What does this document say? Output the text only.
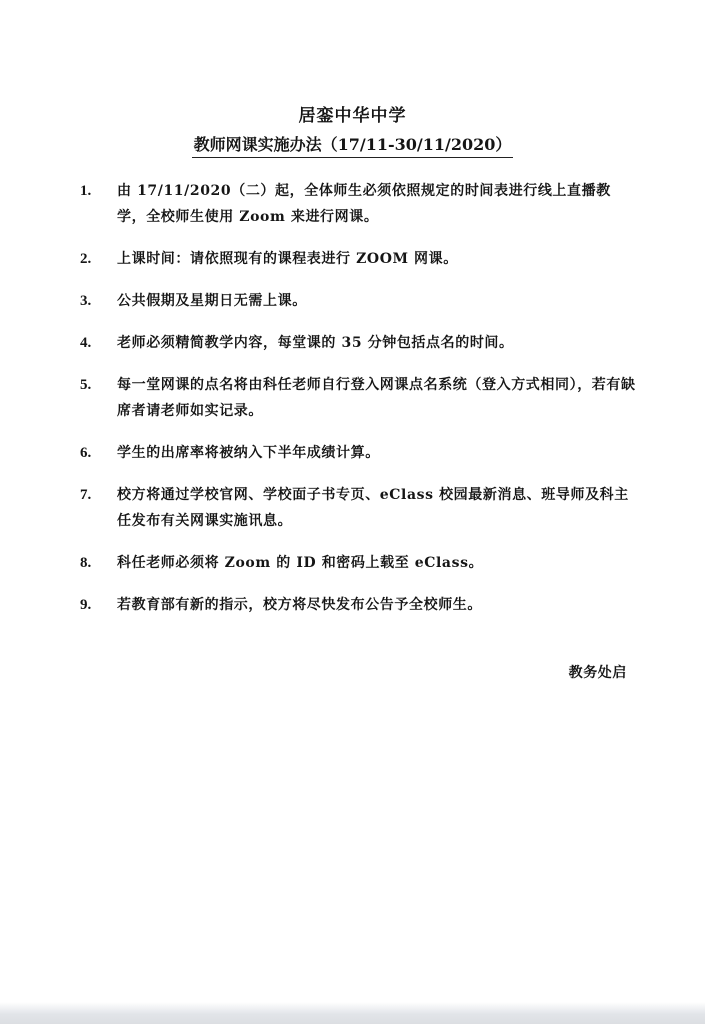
居銮中华中学
教师网课实施办法（17/11-30/11/2020）
1.	由 17/11/2020（二）起，全体师生必须依照规定的时间表进行线上直播教学，全校师生使用 Zoom 来进行网课。
2.	上课时间：请依照现有的课程表进行 ZOOM 网课。
3.	公共假期及星期日无需上课。
4.	老师必须精简教学内容，每堂课的 35 分钟包括点名的时间。
5.	每一堂网课的点名将由科任老师自行登入网课点名系统（登入方式相同），若有缺席者请老师如实记录。
6.	学生的出席率将被纳入下半年成绩计算。
7.	校方将通过学校官网、学校面子书专页、eClass 校园最新消息、班导师及科主任发布有关网课实施讯息。
8.	科任老师必须将 Zoom 的 ID 和密码上载至 eClass。
9.	若教育部有新的指示，校方将尽快发布公告予全校师生。
教务处启
